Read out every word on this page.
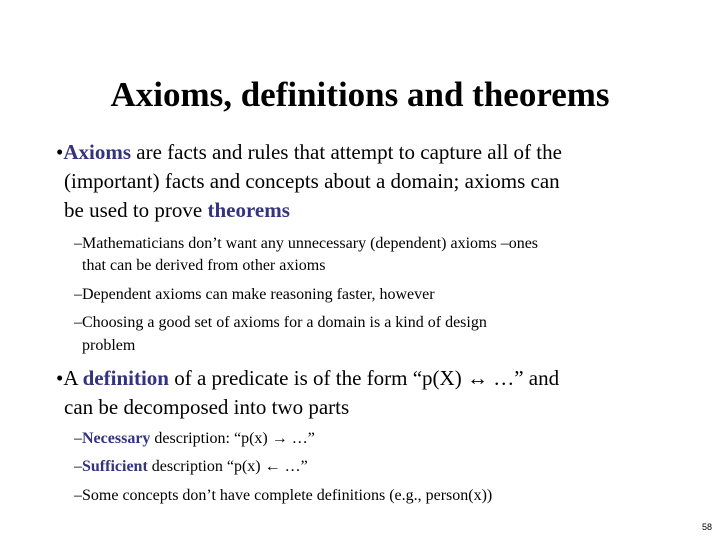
Axioms, definitions and theorems
•Axioms are facts and rules that attempt to capture all of the
(important) facts and concepts about a domain; axioms can
be used to prove theorems
–Mathematicians don’t want any unnecessary (dependent) axioms –ones
that can be derived from other axioms
–Dependent axioms can make reasoning faster, however
–Choosing a good set of axioms for a domain is a kind of design
problem
•A definition of a predicate is of the form “p(X) ↔ …” and
can be decomposed into two parts
–Necessary description: “p(x) → …”
–Sufficient description “p(x) ← …”
–Some concepts don’t have complete definitions (e.g., person(x))
58
